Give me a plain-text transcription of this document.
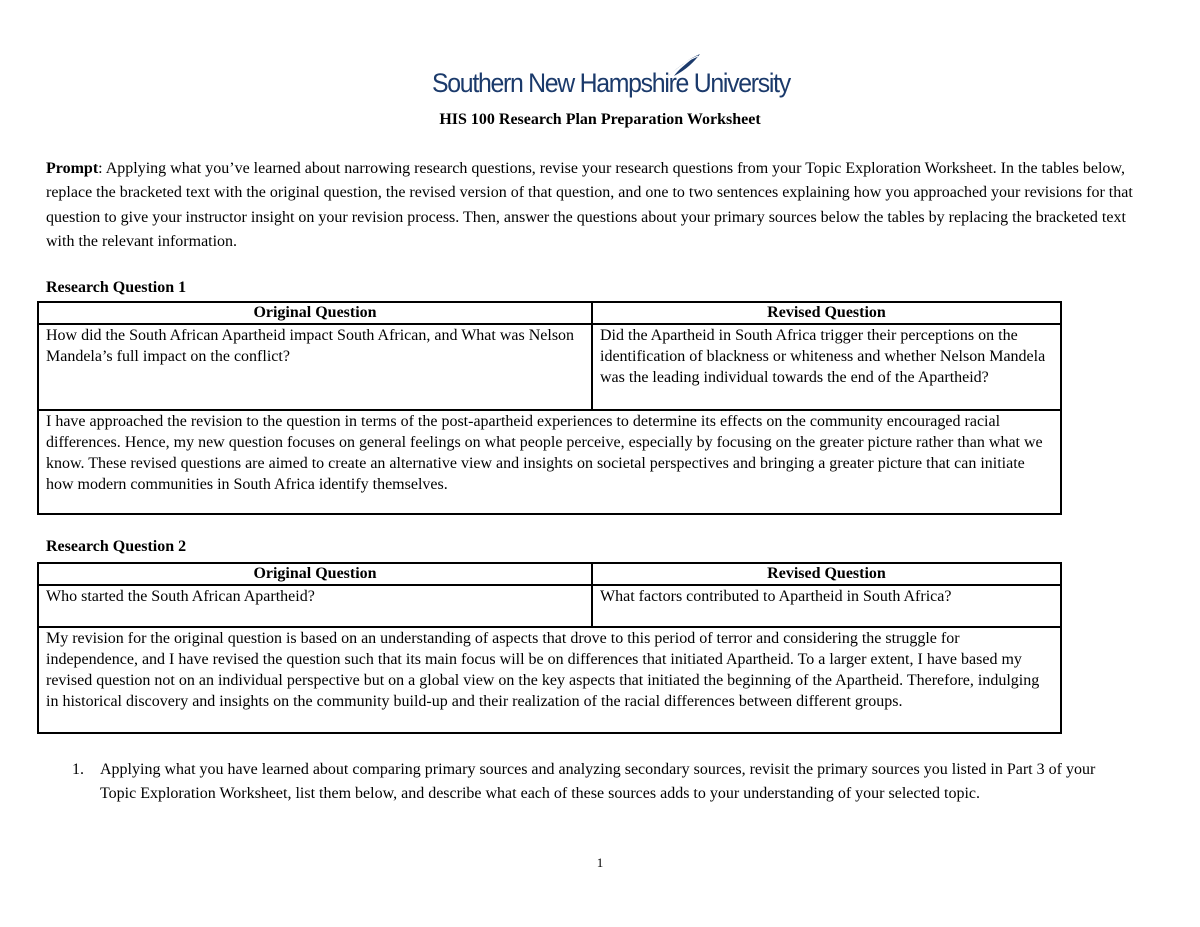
Southern New Hampshire University
HIS 100 Research Plan Preparation Worksheet
Prompt: Applying what you’ve learned about narrowing research questions, revise your research questions from your Topic Exploration Worksheet. In the tables below, replace the bracketed text with the original question, the revised version of that question, and one to two sentences explaining how you approached your revisions for that question to give your instructor insight on your revision process. Then, answer the questions about your primary sources below the tables by replacing the bracketed text with the relevant information.
Research Question 1
Original Question	Revised Question
How did the South African Apartheid impact South African, and What was Nelson Mandela’s full impact on the conflict?	Did the Apartheid in South Africa trigger their perceptions on the identification of blackness or whiteness and whether Nelson Mandela was the leading individual towards the end of the Apartheid?
I have approached the revision to the question in terms of the post-apartheid experiences to determine its effects on the community encouraged racial differences. Hence, my new question focuses on general feelings on what people perceive, especially by focusing on the greater picture rather than what we know. These revised questions are aimed to create an alternative view and insights on societal perspectives and bringing a greater picture that can initiate how modern communities in South Africa identify themselves.	
Research Question 2
Original Question	Revised Question
Who started the South African Apartheid?	What factors contributed to Apartheid in South Africa?
My revision for the original question is based on an understanding of aspects that drove to this period of terror and considering the struggle for independence, and I have revised the question such that its main focus will be on differences that initiated Apartheid. To a larger extent, I have based my revised question not on an individual perspective but on a global view on the key aspects that initiated the beginning of the Apartheid. Therefore, indulging in historical discovery and insights on the community build-up and their realization of the racial differences between different groups.	
1. Applying what you have learned about comparing primary sources and analyzing secondary sources, revisit the primary sources you listed in Part 3 of your Topic Exploration Worksheet, list them below, and describe what each of these sources adds to your understanding of your selected topic.
1
